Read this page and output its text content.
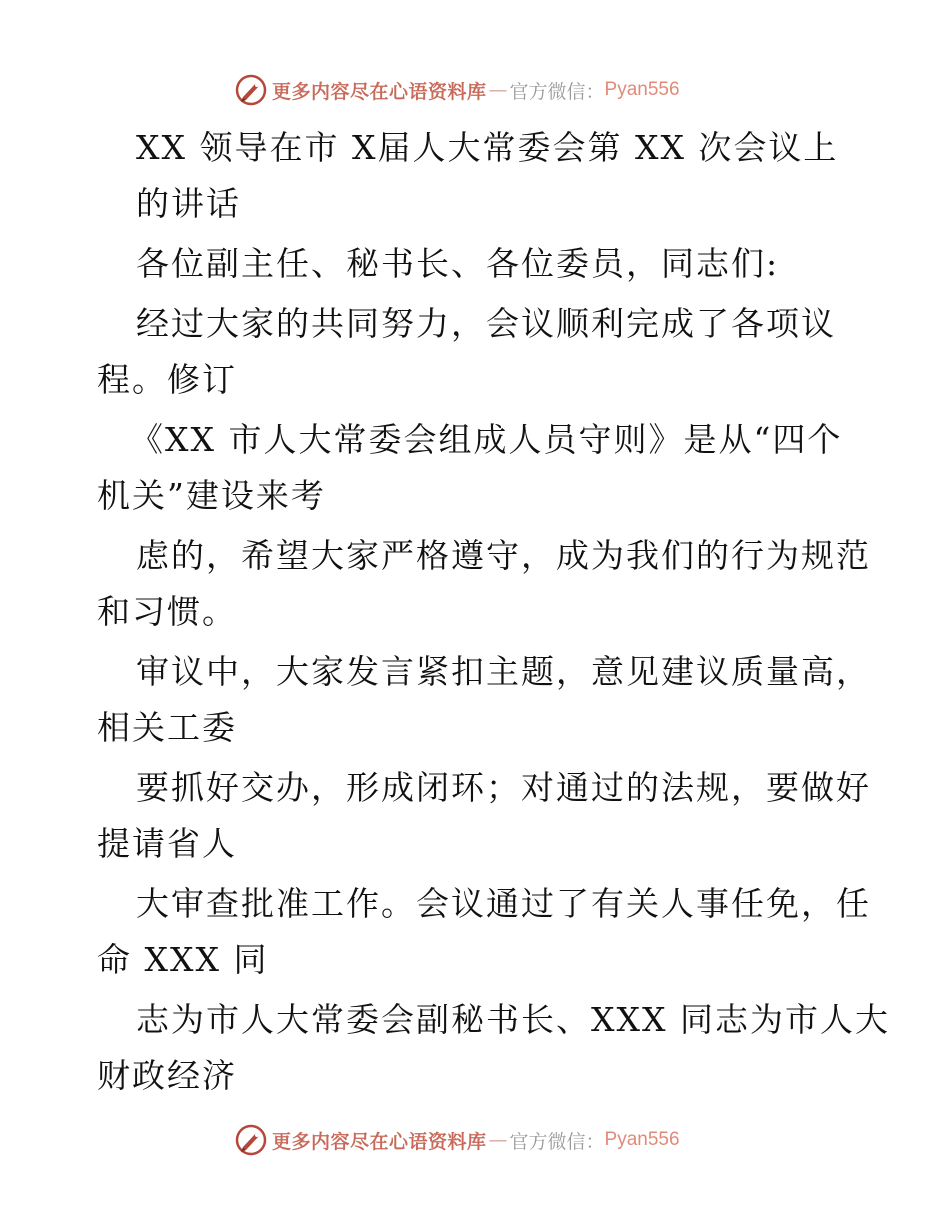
更多内容尽在心语资料库 — 官方微信： Pyan556
XX 领导在市 X届人大常委会第 XX 次会议上
的讲话
各位副主任、秘书长、各位委员，同志们:
经过大家的共同努力，会议顺利完成了各项议
程。修订
《XX 市人大常委会组成人员守则》是从“四个
机关”建设来考
虑的，希望大家严格遵守，成为我们的行为规范
和习惯。
审议中，大家发言紧扣主题，意见建议质量高，
相关工委
要抓好交办，形成闭环；对通过的法规，要做好
提请省人
大审查批准工作。会议通过了有关人事任免，任
命 XXX 同
志为市人大常委会副秘书长、XXX 同志为市人大
财政经济
更多内容尽在心语资料库 — 官方微信： Pyan556
